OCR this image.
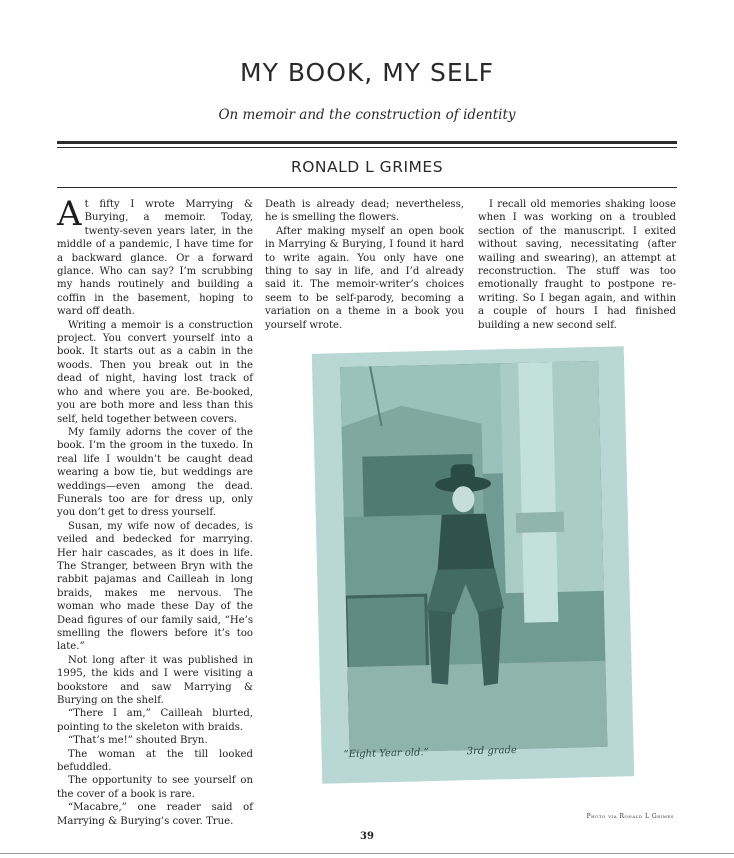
MY BOOK, MY SELF
On memoir and the construction of identity
RONALD L GRIMES

At fifty I wrote Marrying & Burying, a memoir. Today, twenty-seven years later, in the middle of a pandemic, I have time for a backward glance. Or a forward glance. Who can say? I’m scrubbing my hands routinely and building a coffin in the basement, hoping to ward off death.

Writing a memoir is a construction project. You convert yourself into a book. It starts out as a cabin in the woods. Then you break out in the dead of night, having lost track of who and where you are. Be-booked, you are both more and less than this self, held together between covers.

My family adorns the cover of the book. I’m the groom in the tuxedo. In real life I wouldn’t be caught dead wearing a bow tie, but weddings are weddings—even among the dead. Funerals too are for dress up, only you don’t get to dress yourself.

Susan, my wife now of decades, is veiled and bedecked for marrying. Her hair cascades, as it does in life. The Stranger, between Bryn with the rabbit pajamas and Cailleah in long braids, makes me nervous. The woman who made these Day of the Dead figures of our family said, “He’s smelling the flowers before it’s too late.”

Not long after it was published in 1995, the kids and I were visiting a bookstore and saw Marrying & Burying on the shelf.

“There I am,” Cailleah blurted, pointing to the skeleton with braids.

“That’s me!” shouted Bryn.

The woman at the till looked befuddled.

The opportunity to see yourself on the cover of a book is rare.

“Macabre,” one reader said of Marrying & Burying’s cover. True.

Death is already dead; nevertheless, he is smelling the flowers.

After making myself an open book in Marrying & Burying, I found it hard to write again. You only have one thing to say in life, and I’d already said it. The memoir-writer’s choices seem to be self-parody, becoming a variation on a theme in a book you yourself wrote.

I recall old memories shaking loose when I was working on a troubled section of the manuscript. I exited without saving, necessitating (after wailing and swearing), an attempt at reconstruction. The stuff was too emotionally fraught to postpone re-writing. So I began again, and within a couple of hours I had finished building a new second self.

“Eight Year old.”	3rd grade
Photo via Ronald L Grimes
39
